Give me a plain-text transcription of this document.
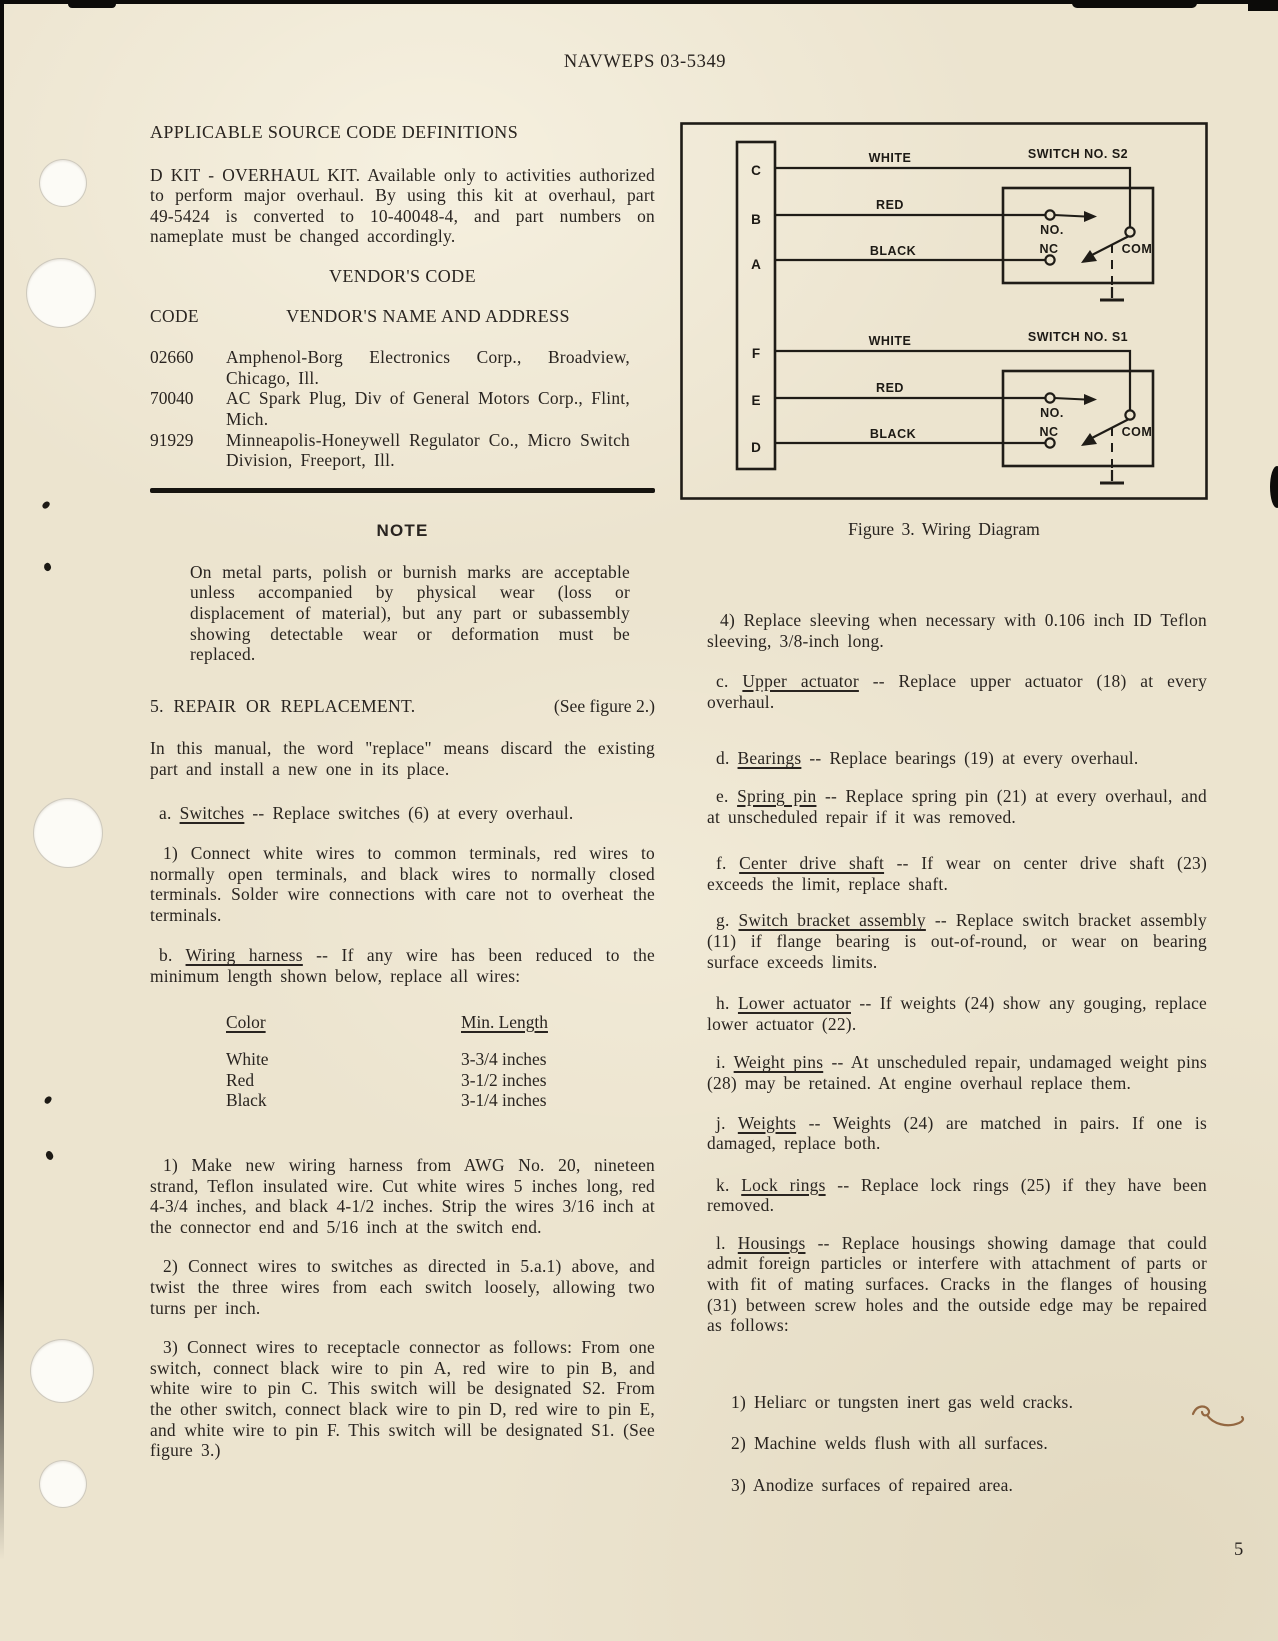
NAVWEPS 03-5349
APPLICABLE SOURCE CODE DEFINITIONS

D KIT - OVERHAUL KIT. Available only to activities authorized to perform major overhaul. By using this kit at overhaul, part 49-5424 is converted to 10-40048-4, and part numbers on nameplate must be changed accordingly.

VENDOR'S CODE
CODE	VENDOR'S NAME AND ADDRESS
02660	Amphenol-Borg Electronics Corp., Broadview, Chicago, Ill.
70040	AC Spark Plug, Div of General Motors Corp., Flint, Mich.
91929	Minneapolis-Honeywell Regulator Co., Micro Switch Division, Freeport, Ill.
NOTE

On metal parts, polish or burnish marks are acceptable unless accompanied by physical wear (loss or displacement of material), but any part or subassembly showing detectable wear or deformation must be replaced.

5. REPAIR OR REPLACEMENT.	(See figure 2.)

In this manual, the word "replace" means discard the existing part and install a new one in its place.

a. Switches -- Replace switches (6) at every overhaul.

1) Connect white wires to common terminals, red wires to normally open terminals, and black wires to normally closed terminals. Solder wire connections with care not to overheat the terminals.

b. Wiring harness -- If any wire has been reduced to the minimum length shown below, replace all wires:

Color	Min. Length
White	3-3/4 inches
Red	3-1/2 inches
Black	3-1/4 inches

1) Make new wiring harness from AWG No. 20, nineteen strand, Teflon insulated wire. Cut white wires 5 inches long, red 4-3/4 inches, and black 4-1/2 inches. Strip the wires 3/16 inch at the connector end and 5/16 inch at the switch end.

2) Connect wires to switches as directed in 5.a.1) above, and twist the three wires from each switch loosely, allowing two turns per inch.

3) Connect wires to receptacle connector as follows: From one switch, connect black wire to pin A, red wire to pin B, and white wire to pin C. This switch will be designated S2. From the other switch, connect black wire to pin D, red wire to pin E, and white wire to pin F. This switch will be designated S1. (See figure 3.)

C
B
A
F
E
D
WHITE	SWITCH NO. S2
RED
BLACK
NO.
NC	COM
WHITE	SWITCH NO. S1
RED
BLACK
NO.
NC	COM
Figure 3. Wiring Diagram

4) Replace sleeving when necessary with 0.106 inch ID Teflon sleeving, 3/8-inch long.

c. Upper actuator -- Replace upper actuator (18) at every overhaul.

d. Bearings -- Replace bearings (19) at every overhaul.

e. Spring pin -- Replace spring pin (21) at every overhaul, and at unscheduled repair if it was removed.

f. Center drive shaft -- If wear on center drive shaft (23) exceeds the limit, replace shaft.

g. Switch bracket assembly -- Replace switch bracket assembly (11) if flange bearing is out-of-round, or wear on bearing surface exceeds limits.

h. Lower actuator -- If weights (24) show any gouging, replace lower actuator (22).

i. Weight pins -- At unscheduled repair, undamaged weight pins (28) may be retained. At engine overhaul replace them.

j. Weights -- Weights (24) are matched in pairs. If one is damaged, replace both.

k. Lock rings -- Replace lock rings (25) if they have been removed.

l. Housings -- Replace housings showing damage that could admit foreign particles or interfere with attachment of parts or with fit of mating surfaces. Cracks in the flanges of housing (31) between screw holes and the outside edge may be repaired as follows:

1) Heliarc or tungsten inert gas weld cracks.

2) Machine welds flush with all surfaces.

3) Anodize surfaces of repaired area.

5
